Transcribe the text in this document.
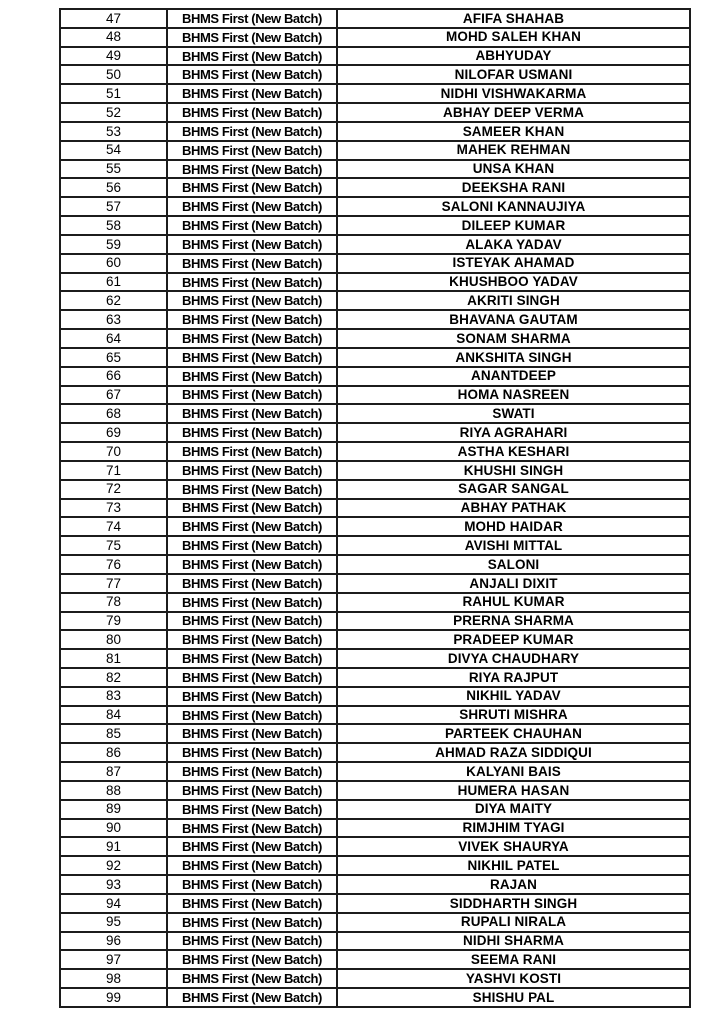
47	BHMS First (New Batch)	AFIFA SHAHAB
48	BHMS First (New Batch)	MOHD SALEH KHAN
49	BHMS First (New Batch)	ABHYUDAY
50	BHMS First (New Batch)	NILOFAR USMANI
51	BHMS First (New Batch)	NIDHI VISHWAKARMA
52	BHMS First (New Batch)	ABHAY DEEP VERMA
53	BHMS First (New Batch)	SAMEER KHAN
54	BHMS First (New Batch)	MAHEK REHMAN
55	BHMS First (New Batch)	UNSA KHAN
56	BHMS First (New Batch)	DEEKSHA RANI
57	BHMS First (New Batch)	SALONI KANNAUJIYA
58	BHMS First (New Batch)	DILEEP KUMAR
59	BHMS First (New Batch)	ALAKA YADAV
60	BHMS First (New Batch)	ISTEYAK AHAMAD
61	BHMS First (New Batch)	KHUSHBOO YADAV
62	BHMS First (New Batch)	AKRITI SINGH
63	BHMS First (New Batch)	BHAVANA GAUTAM
64	BHMS First (New Batch)	SONAM SHARMA
65	BHMS First (New Batch)	ANKSHITA SINGH
66	BHMS First (New Batch)	ANANTDEEP
67	BHMS First (New Batch)	HOMA NASREEN
68	BHMS First (New Batch)	SWATI
69	BHMS First (New Batch)	RIYA AGRAHARI
70	BHMS First (New Batch)	ASTHA KESHARI
71	BHMS First (New Batch)	KHUSHI SINGH
72	BHMS First (New Batch)	SAGAR SANGAL
73	BHMS First (New Batch)	ABHAY PATHAK
74	BHMS First (New Batch)	MOHD HAIDAR
75	BHMS First (New Batch)	AVISHI MITTAL
76	BHMS First (New Batch)	SALONI
77	BHMS First (New Batch)	ANJALI DIXIT
78	BHMS First (New Batch)	RAHUL KUMAR
79	BHMS First (New Batch)	PRERNA SHARMA
80	BHMS First (New Batch)	PRADEEP KUMAR
81	BHMS First (New Batch)	DIVYA CHAUDHARY
82	BHMS First (New Batch)	RIYA RAJPUT
83	BHMS First (New Batch)	NIKHIL YADAV
84	BHMS First (New Batch)	SHRUTI MISHRA
85	BHMS First (New Batch)	PARTEEK CHAUHAN
86	BHMS First (New Batch)	AHMAD RAZA SIDDIQUI
87	BHMS First (New Batch)	KALYANI BAIS
88	BHMS First (New Batch)	HUMERA HASAN
89	BHMS First (New Batch)	DIYA MAITY
90	BHMS First (New Batch)	RIMJHIM TYAGI
91	BHMS First (New Batch)	VIVEK SHAURYA
92	BHMS First (New Batch)	NIKHIL PATEL
93	BHMS First (New Batch)	RAJAN
94	BHMS First (New Batch)	SIDDHARTH SINGH
95	BHMS First (New Batch)	RUPALI NIRALA
96	BHMS First (New Batch)	NIDHI SHARMA
97	BHMS First (New Batch)	SEEMA RANI
98	BHMS First (New Batch)	YASHVI KOSTI
99	BHMS First (New Batch)	SHISHU PAL
